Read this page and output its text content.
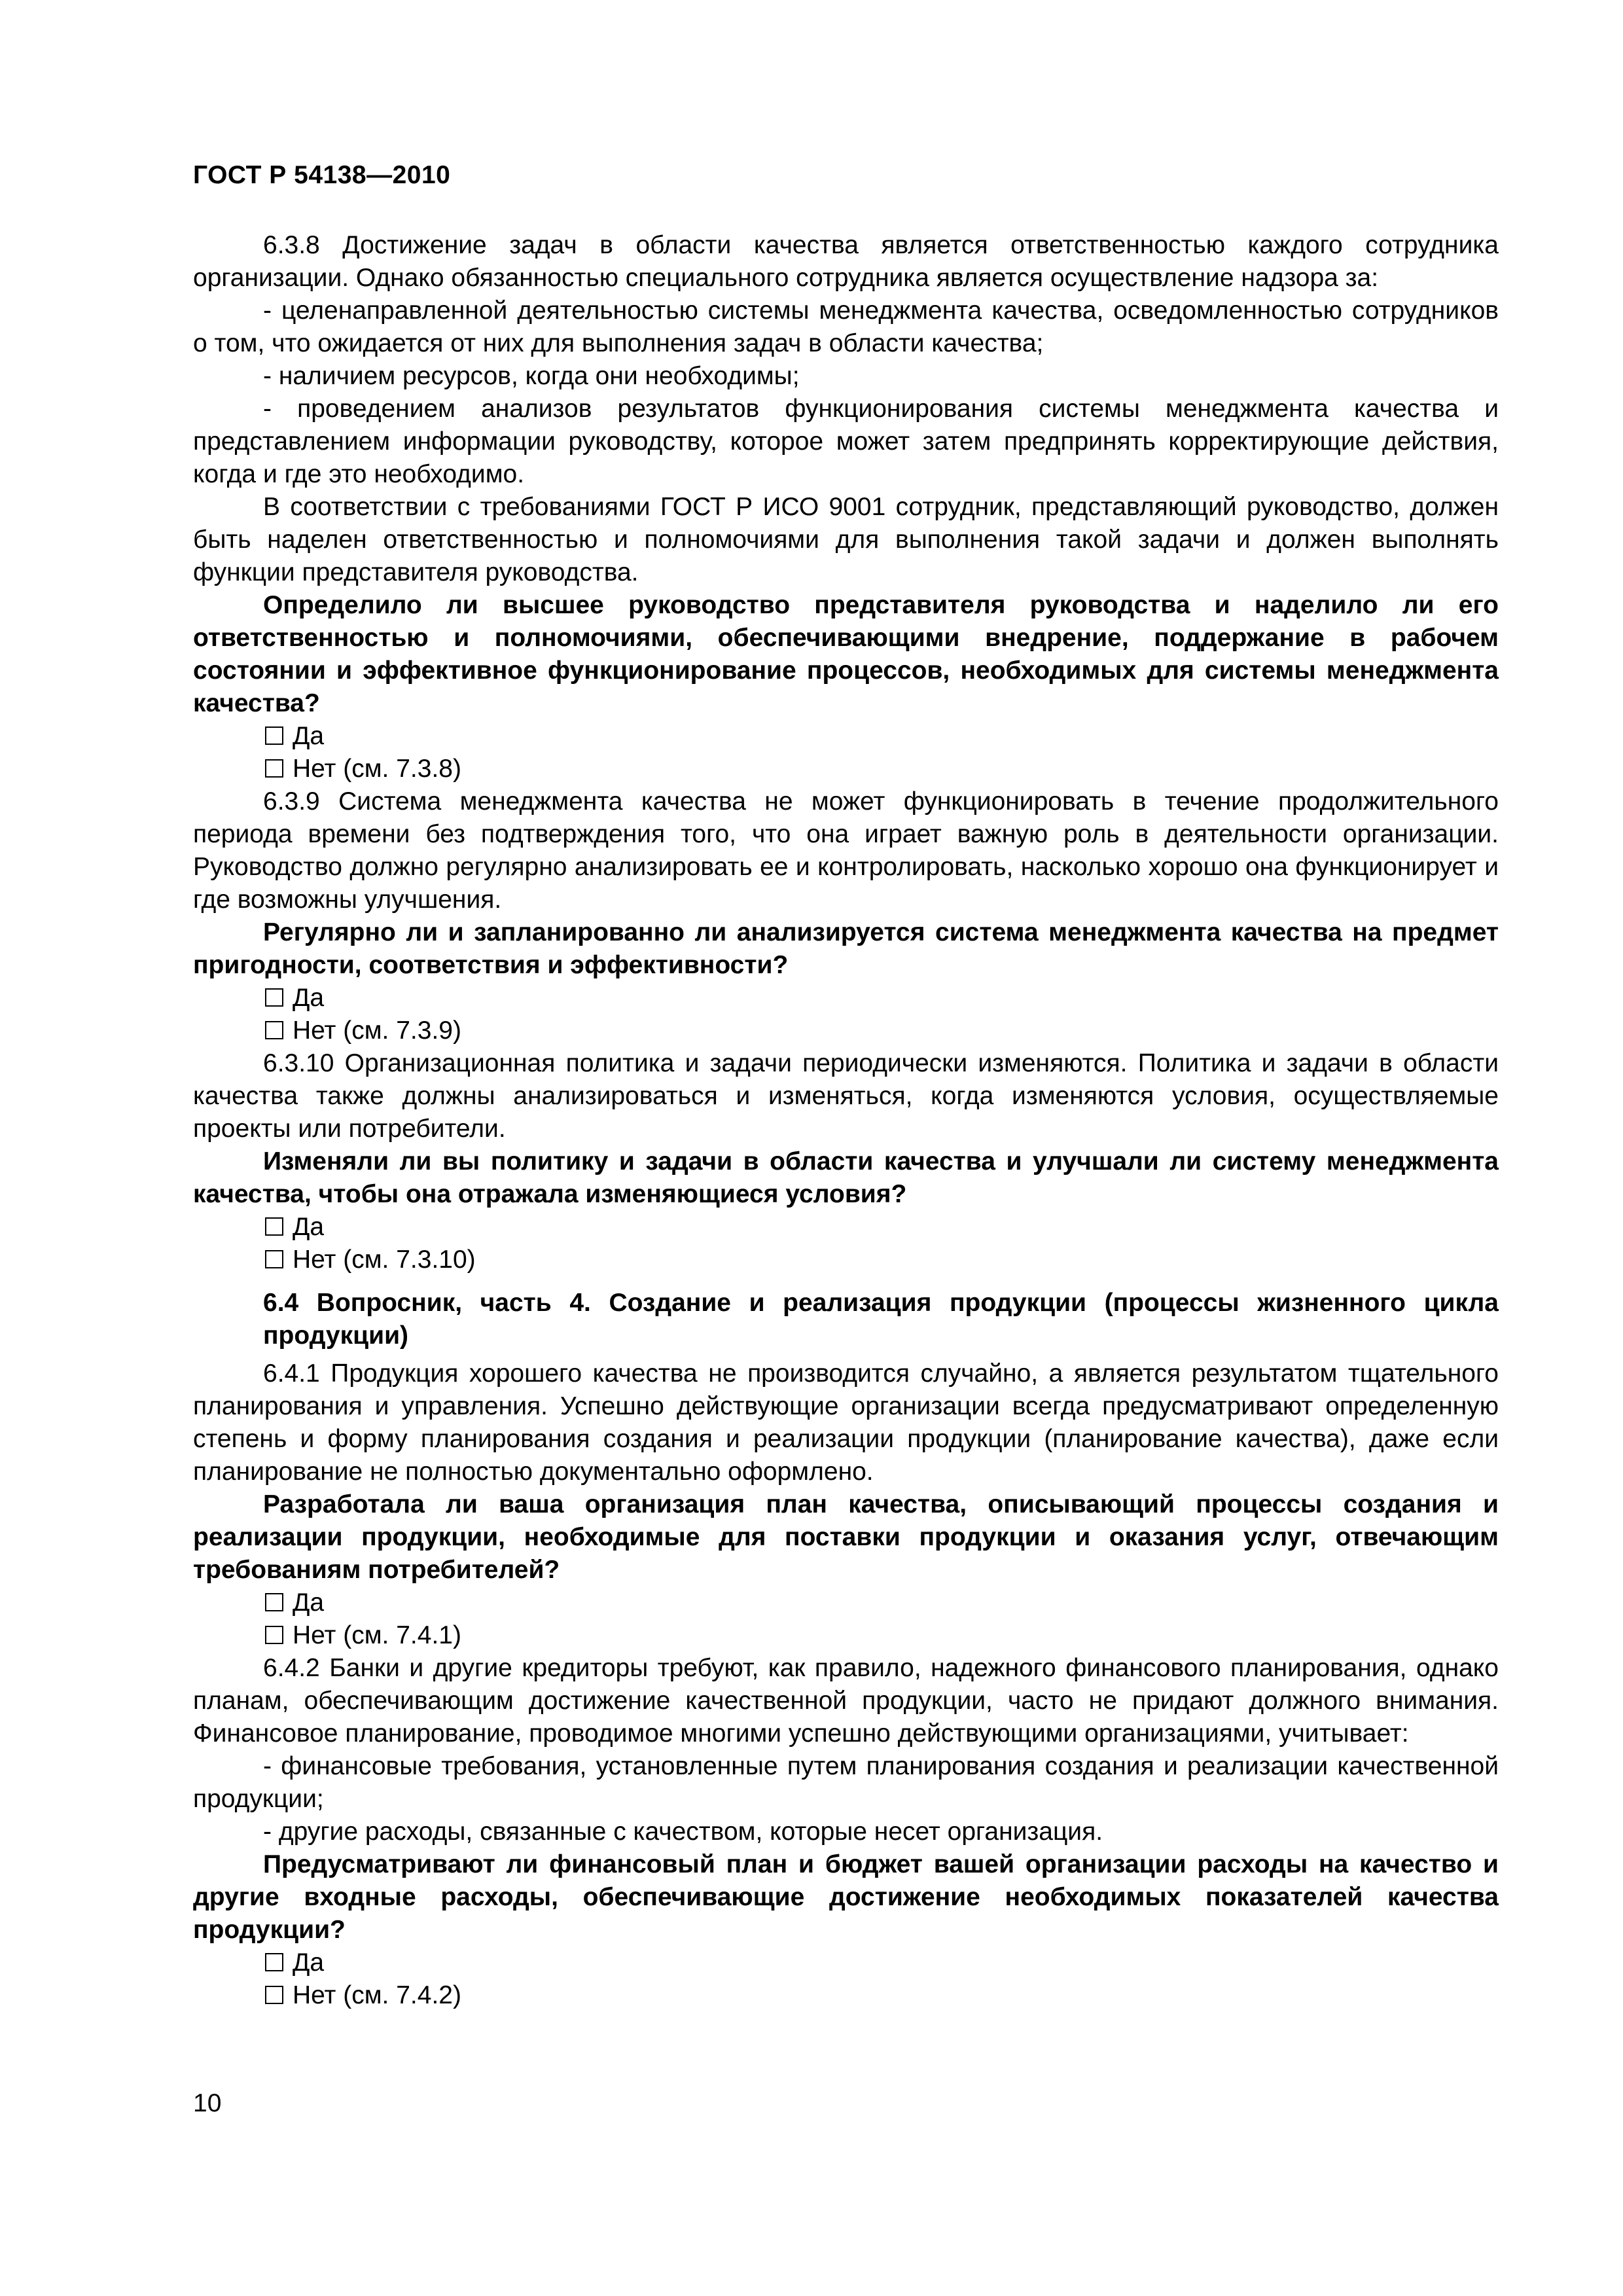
ГОСТ Р 54138—2010

6.3.8 Достижение задач в области качества является ответственностью каждого сотрудника организации. Однако обязанностью специального сотрудника является осуществление надзора за:

- целенаправленной деятельностью системы менеджмента качества, осведомленностью сотрудников о том, что ожидается от них для выполнения задач в области качества;

- наличием ресурсов, когда они необходимы;

- проведением анализов результатов функционирования системы менеджмента качества и представлением информации руководству, которое может затем предпринять корректирующие действия, когда и где это необходимо.

В соответствии с требованиями ГОСТ Р ИСО 9001 сотрудник, представляющий руководство, должен быть наделен ответственностью и полномочиями для выполнения такой задачи и должен выполнять функции представителя руководства.

Определило ли высшее руководство представителя руководства и наделило ли его ответственностью и полномочиями, обеспечивающими внедрение, поддержание в рабочем состоянии и эффективное функционирование процессов, необходимых для системы менеджмента качества?

Да

Нет (см. 7.3.8)

6.3.9 Система менеджмента качества не может функционировать в течение продолжительного периода времени без подтверждения того, что она играет важную роль в деятельности организации. Руководство должно регулярно анализировать ее и контролировать, насколько хорошо она функционирует и где возможны улучшения.

Регулярно ли и запланированно ли анализируется система менеджмента качества на предмет пригодности, соответствия и эффективности?

Да

Нет (см. 7.3.9)

6.3.10 Организационная политика и задачи периодически изменяются. Политика и задачи в области качества также должны анализироваться и изменяться, когда изменяются условия, осуществляемые проекты или потребители.

Изменяли ли вы политику и задачи в области качества и улучшали ли систему менеджмента качества, чтобы она отражала изменяющиеся условия?

Да

Нет (см. 7.3.10)

6.4 Вопросник, часть 4. Создание и реализация продукции (процессы жизненного цикла продукции)

6.4.1 Продукция хорошего качества не производится случайно, а является результатом тщательного планирования и управления. Успешно действующие организации всегда предусматривают определенную степень и форму планирования создания и реализации продукции (планирование качества), даже если планирование не полностью документально оформлено.

Разработала ли ваша организация план качества, описывающий процессы создания и реализации продукции, необходимые для поставки продукции и оказания услуг, отвечающим требованиям потребителей?

Да

Нет (см. 7.4.1)

6.4.2 Банки и другие кредиторы требуют, как правило, надежного финансового планирования, однако планам, обеспечивающим достижение качественной продукции, часто не придают должного внимания. Финансовое планирование, проводимое многими успешно действующими организациями, учитывает:

- финансовые требования, установленные путем планирования создания и реализации качественной продукции;

- другие расходы, связанные с качеством, которые несет организация.

Предусматривают ли финансовый план и бюджет вашей организации расходы на качество и другие входные расходы, обеспечивающие достижение необходимых показателей качества продукции?

Да

Нет (см. 7.4.2)

10
